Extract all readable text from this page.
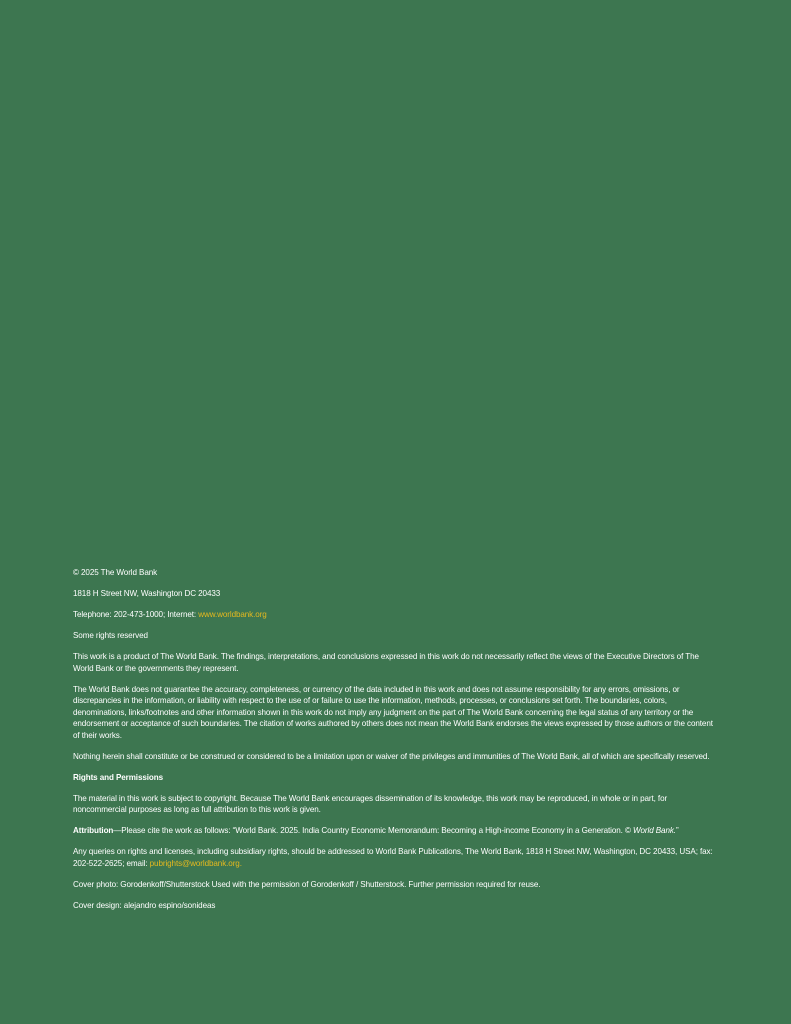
© 2025 The World Bank

1818 H Street NW, Washington DC 20433

Telephone: 202-473-1000; Internet: www.worldbank.org

Some rights reserved

This work is a product of The World Bank. The findings, interpretations, and conclusions expressed in this work do not necessarily reflect the views of the Executive Directors of The World Bank or the governments they represent.

The World Bank does not guarantee the accuracy, completeness, or currency of the data included in this work and does not assume responsibility for any errors, omissions, or discrepancies in the information, or liability with respect to the use of or failure to use the information, methods, processes, or conclusions set forth. The boundaries, colors, denominations, links/footnotes and other information shown in this work do not imply any judgment on the part of The World Bank concerning the legal status of any territory or the endorsement or acceptance of such boundaries. The citation of works authored by others does not mean the World Bank endorses the views expressed by those authors or the content of their works.

Nothing herein shall constitute or be construed or considered to be a limitation upon or waiver of the privileges and immunities of The World Bank, all of which are specifically reserved.

Rights and Permissions

The material in this work is subject to copyright. Because The World Bank encourages dissemination of its knowledge, this work may be reproduced, in whole or in part, for noncommercial purposes as long as full attribution to this work is given.

Attribution—Please cite the work as follows: “World Bank. 2025. India Country Economic Memorandum: Becoming a High-income Economy in a Generation. © World Bank.”

Any queries on rights and licenses, including subsidiary rights, should be addressed to World Bank Publications, The World Bank, 1818 H Street NW, Washington, DC 20433, USA; fax: 202-522-2625; email: pubrights@worldbank.org.

Cover photo: Gorodenkoff/Shutterstock Used with the permission of Gorodenkoff / Shutterstock. Further permission required for reuse.

Cover design: alejandro espino/sonideas
